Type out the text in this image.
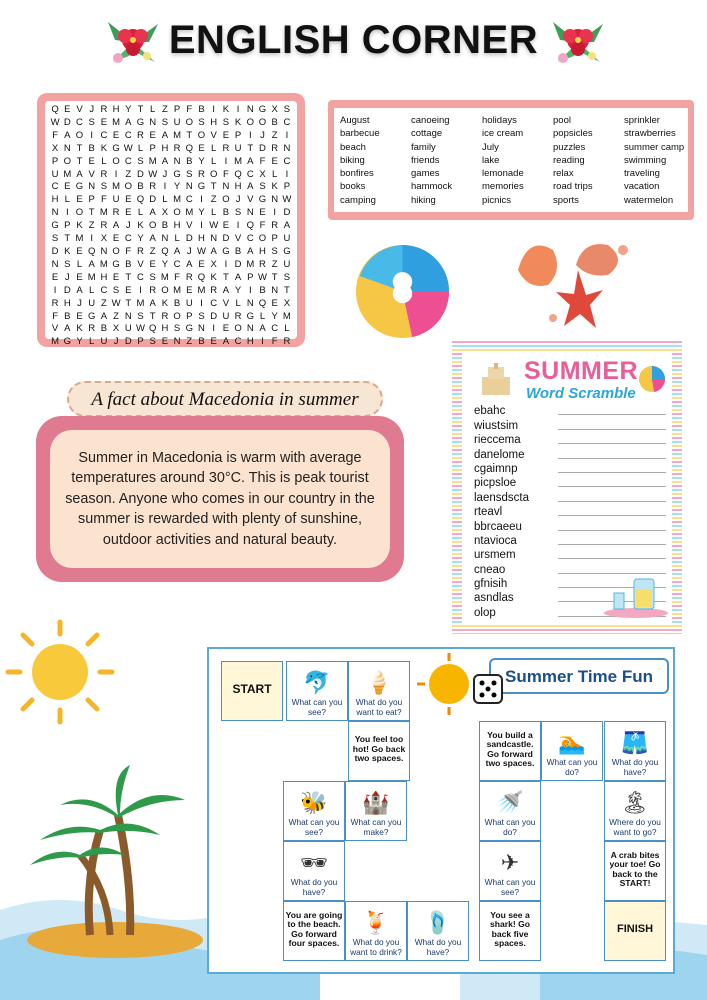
ENGLISH CORNER
Q E V J R H Y T L Z P F B I K I N G X S
W D C S E M A G N S U O S H S K O O B C
F A O I C E C R E A M T O V E P I J Z I
X N T B K G W L P H R Q E L R U T D R N
P O T E L O C S M A N B Y L I M A F E C
U M A V R I Z D W J G S R O F Q C X L I
C E G N S M O B R I Y N G T N H A S K P
H L E P F U E Q D L M C I Z O J V G N W
N I O T M R E L A X O M Y L B S N E I D
G P K Z R A J K O B H V I W E I Q F R A
S T M I X E C Y A N L D H N D V C O P U
D K E Q N O F R Z Q A J W A G B A H S G
N S L A M G B V E Y C A E X I D M R Z U
E J E M H E T C S M F R Q K T A P W T S
I D A L C S E I R O M E M R A Y I B N T
R H J U Z W T M A K B U I C V L N Q E X
F B E G A Z N S T R O P S D U R G L Y M
V A K R B X U W Q H S G N I E O N A C L
M G Y L U J D P S E N Z B E A C H I F R
August
barbecue
beach
biking
bonfires
books
camping
canoeing
cottage
family
friends
games
hammock
hiking
holidays
ice cream
July
lake
lemonade
memories
picnics
pool
popsicles
puzzles
reading
relax
road trips
sports
sprinkler
strawberries
summer camp
swimming
traveling
vacation
watermelon
A fact about Macedonia in summer

Summer in Macedonia is warm with average temperatures around 30°C. This is peak tourist season. Anyone who comes in our country in the summer is rewarded with plenty of sunshine, outdoor activities and natural beauty.

SUMMER
Word Scramble
ebahc
wiustsim
rieccema
danelome
cgaimnp
picpsloe
laensdscta
rteavl
bbrcaeeu
ntavioca
ursmem
cneao
gfnisih
asndlas
olop
Summer Time Fun
START 🐬
What can you see?
🍦
What do you want to eat?
You feel too hot! Go back two spaces.
🐝
What can you see?
🏰
What can you make?
🕶
What do you have?
You are going to the beach. Go forward four spaces.
🍹
What do you want to drink?
🩴
What do you have?
You see a shark! Go back five spaces.
✈
What can you see?
🚿
What can you do?
You build a sandcastle. Go forward two spaces.
🏊
What can you do?
🩳
What do you have?
🏝
Where do you want to go?
A crab bites your toe! Go back to the START!
FINISH
